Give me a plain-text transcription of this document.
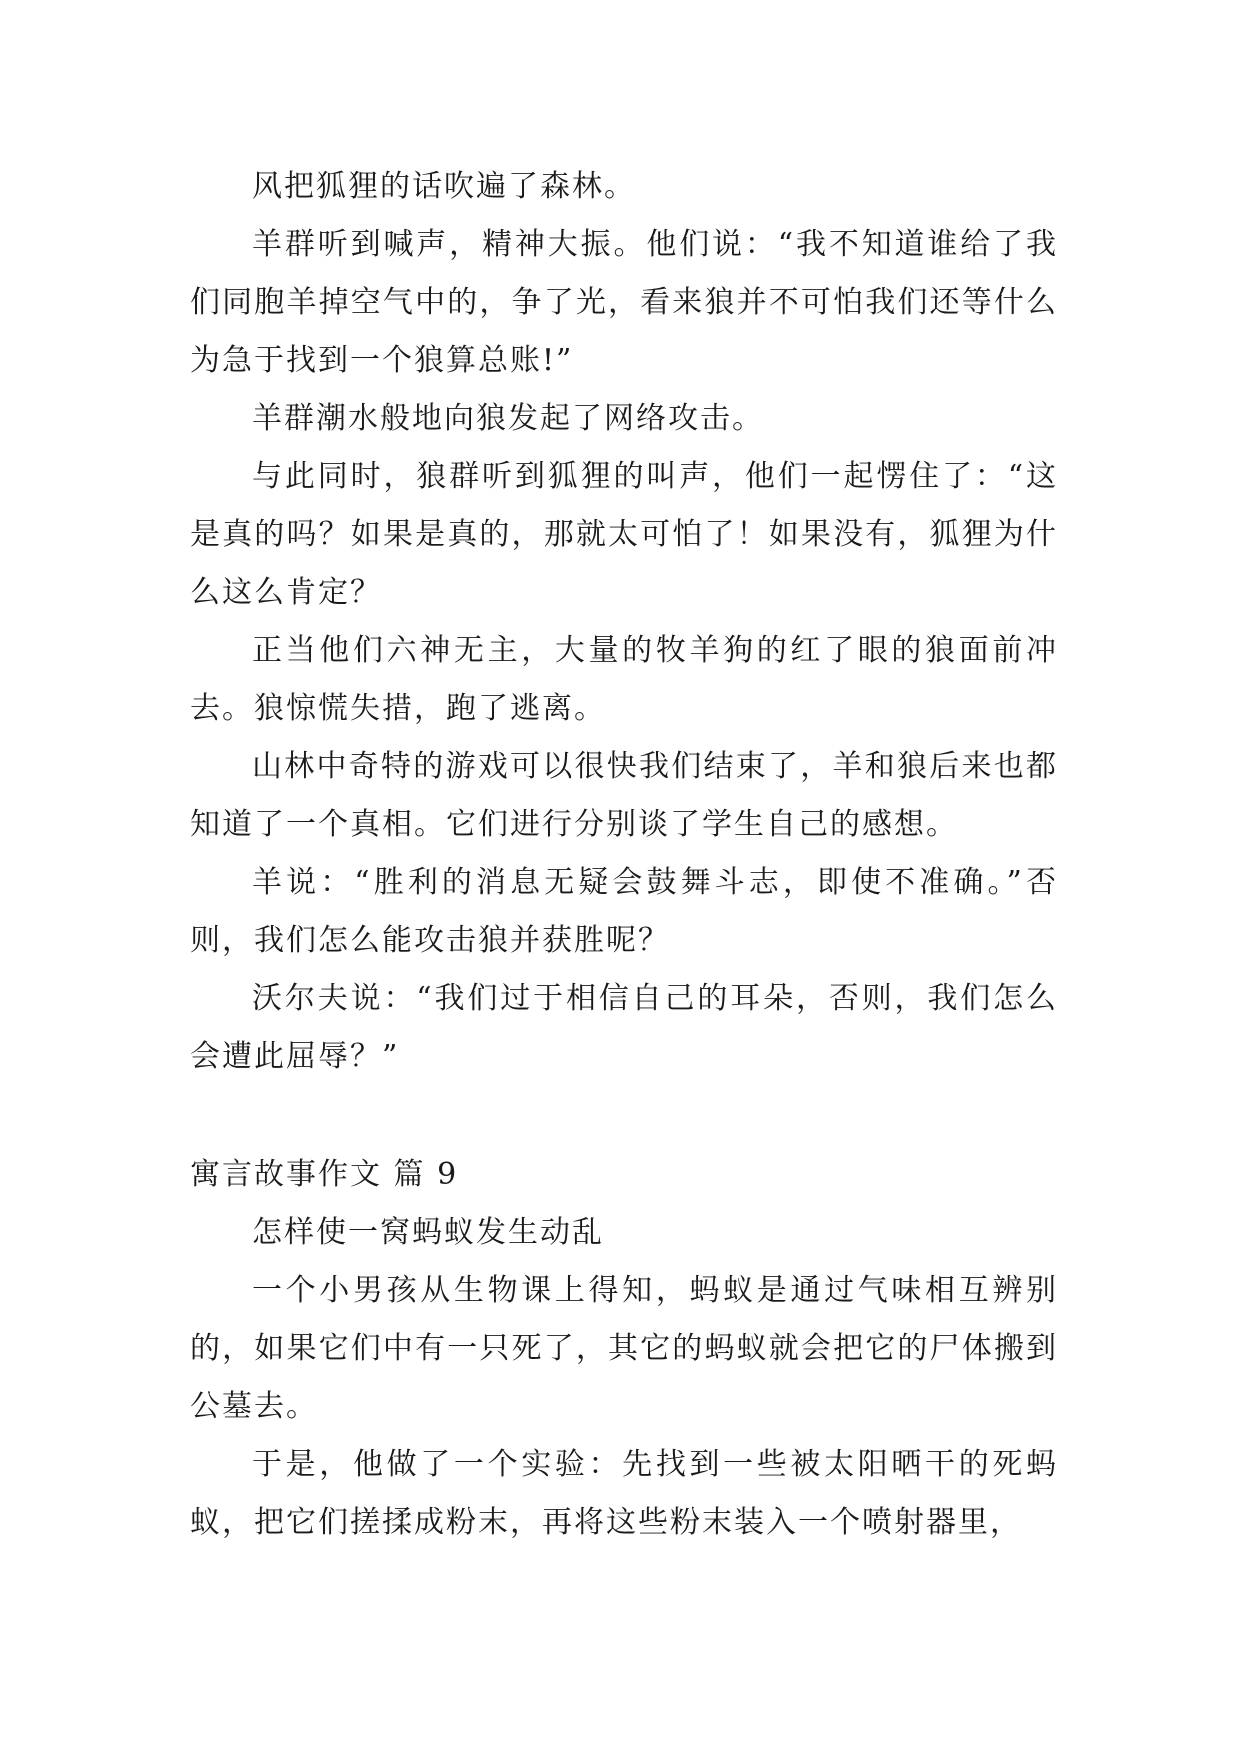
风把狐狸的话吹遍了森林。

羊群听到喊声，精神大振。他们说：“我不知道谁给了我们同胞羊掉空气中的，争了光，看来狼并不可怕我们还等什么为急于找到一个狼算总账!”

羊群潮水般地向狼发起了网络攻击。

与此同时，狼群听到狐狸的叫声，他们一起愣住了：“这是真的吗？如果是真的，那就太可怕了！如果没有，狐狸为什么这么肯定？

正当他们六神无主，大量的牧羊狗的红了眼的狼面前冲去。狼惊慌失措，跑了逃离。

山林中奇特的游戏可以很快我们结束了，羊和狼后来也都知道了一个真相。它们进行分别谈了学生自己的感想。

羊说：“胜利的消息无疑会鼓舞斗志，即使不准确。”否则，我们怎么能攻击狼并获胜呢？

沃尔夫说：“我们过于相信自己的耳朵，否则，我们怎么会遭此屈辱？”

寓言故事作文 篇 9

怎样使一窝蚂蚁发生动乱

一个小男孩从生物课上得知，蚂蚁是通过气味相互辨别的，如果它们中有一只死了，其它的蚂蚁就会把它的尸体搬到公墓去。

于是，他做了一个实验：先找到一些被太阳晒干的死蚂蚁，把它们搓揉成粉末，再将这些粉末装入一个喷射器里，
